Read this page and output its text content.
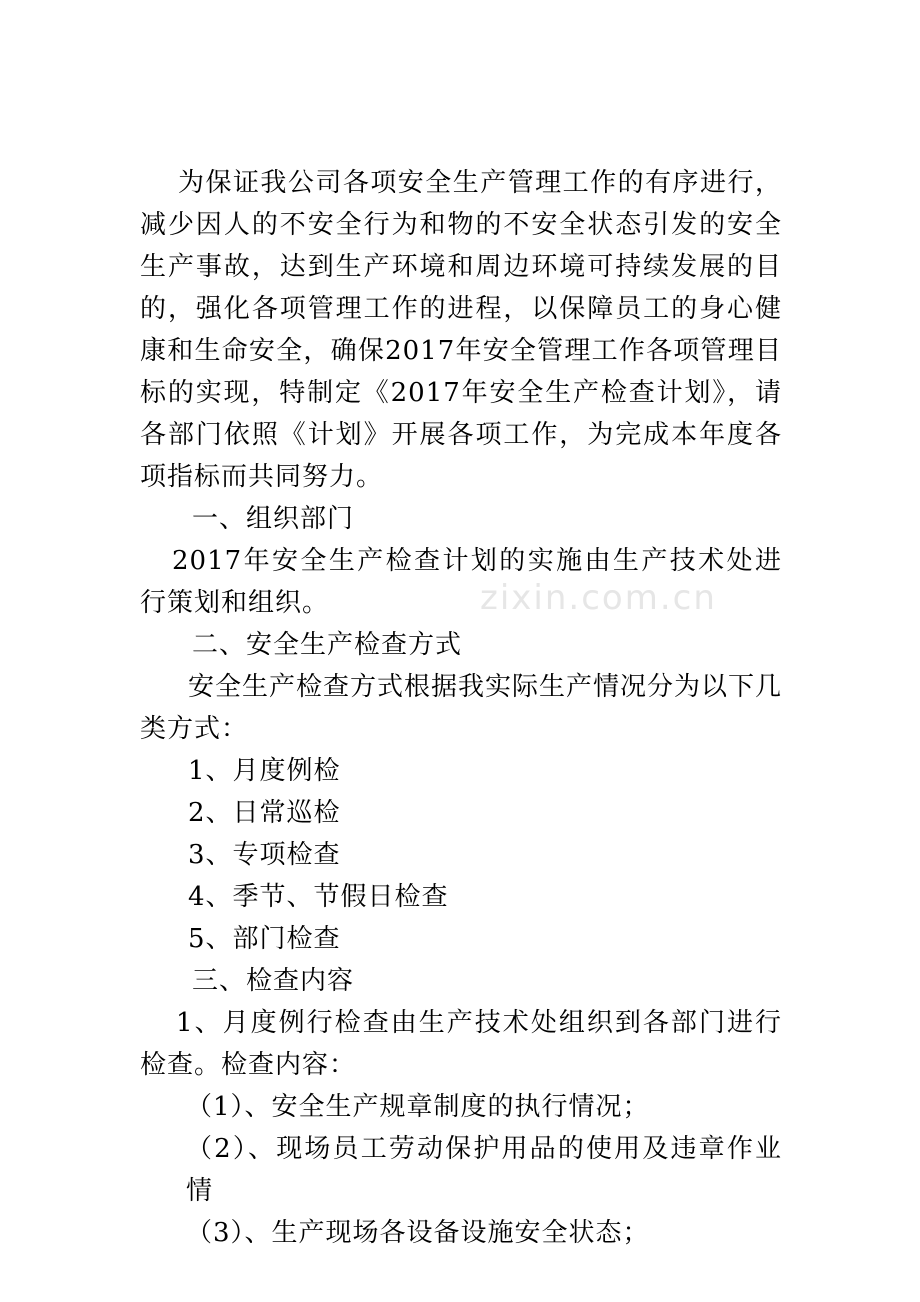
zixin.com.cn

为保证我公司各项安全生产管理工作的有序进行，减少因人的不安全行为和物的不安全状态引发的安全生产事故，达到生产环境和周边环境可持续发展的目的，强化各项管理工作的进程，以保障员工的身心健康和生命安全，确保2017年安全管理工作各项管理目标的实现，特制定《2017年安全生产检查计划》，请各部门依照《计划》开展各项工作，为完成本年度各项指标而共同努力。

一、组织部门

2017年安全生产检查计划的实施由生产技术处进行策划和组织。

二、安全生产检查方式

安全生产检查方式根据我实际生产情况分为以下几类方式：

1、月度例检

2、日常巡检

3、专项检查

4、季节、节假日检查

5、部门检查

三、检查内容

1、月度例行检查由生产技术处组织到各部门进行检查。检查内容：

（1）、安全生产规章制度的执行情况；

（2）、现场员工劳动保护用品的使用及违章作业情

（3）、生产现场各设备设施安全状态；
